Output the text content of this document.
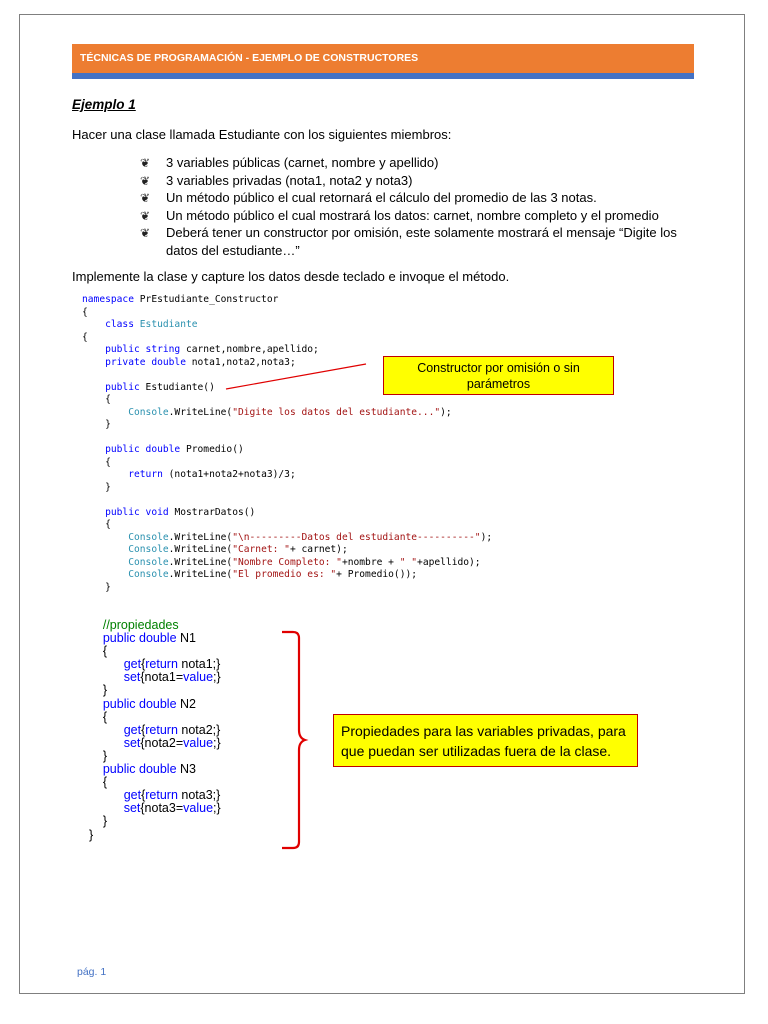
TÉCNICAS DE PROGRAMACIÓN - EJEMPLO DE CONSTRUCTORES
Ejemplo 1
Hacer una clase llamada Estudiante con los siguientes miembros:
❦ 3 variables públicas (carnet, nombre y apellido)
❦ 3 variables privadas (nota1, nota2 y nota3)
❦ Un método público el cual retornará el cálculo del promedio de las 3 notas.
❦ Un método público el cual mostrará los datos: carnet, nombre completo y el promedio
❦ Deberá tener un constructor por omisión, este solamente mostrará el mensaje “Digite los datos del estudiante…”
Implemente la clase y capture los datos desde teclado e invoque el método.
namespace PrEstudiante_Constructor
{
class Estudiante
{
public string carnet,nombre,apellido;
private double nota1,nota2,nota3;

public Estudiante()
{
Console.WriteLine("Digite los datos del estudiante...");
}

public double Promedio()
{
return (nota1+nota2+nota3)/3;
}

public void MostrarDatos()
{
Console.WriteLine("\n---------Datos del estudiante----------");
Console.WriteLine("Carnet: "+ carnet);
Console.WriteLine("Nombre Completo: "+nombre + " "+apellido);
Console.WriteLine("El promedio es: "+ Promedio());
}
//propiedades
public double N1
{
get{return nota1;}
set{nota1=value;}
}
public double N2
{
get{return nota2;}
set{nota2=value;}
}
public double N3
{
get{return nota3;}
set{nota3=value;}
}
}
Constructor por omisión o sin parámetros
Propiedades para las variables privadas, para que puedan ser utilizadas fuera de la clase.
pág. 1
